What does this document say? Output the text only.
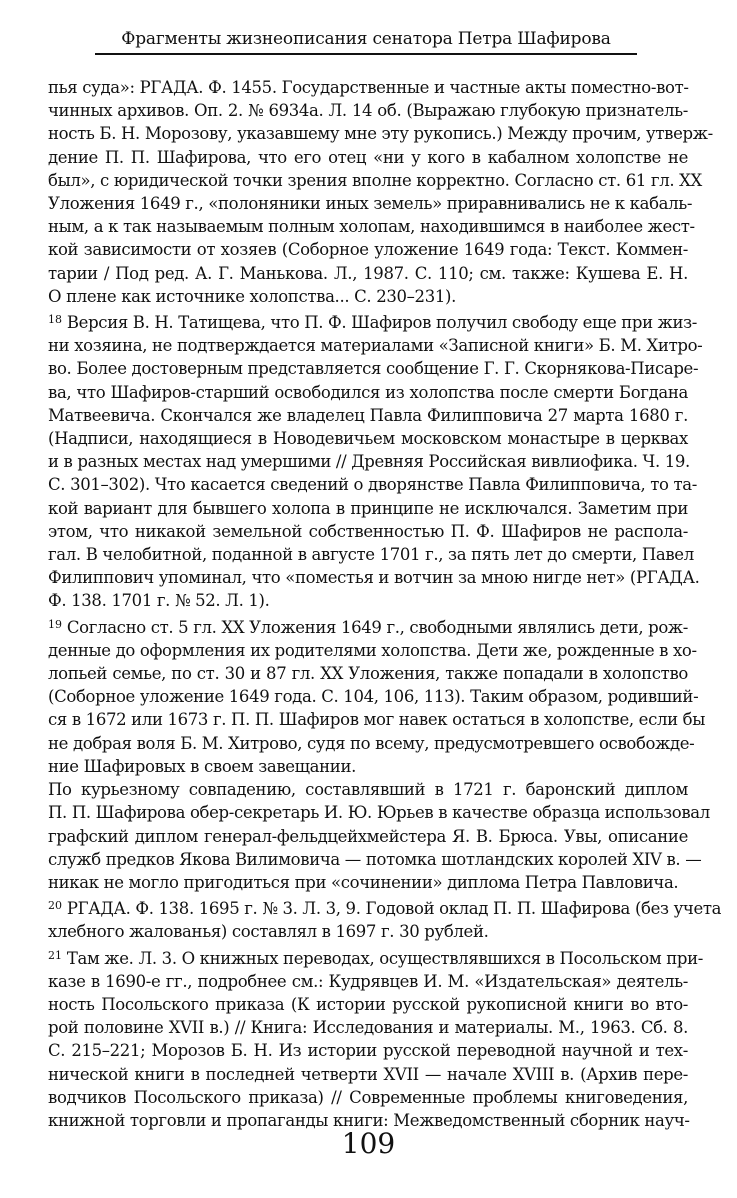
Фрагменты жизнеописания сенатора Петра Шафирова
пья суда»: РГАДА. Ф. 1455. Государственные и частные акты поместно-вот-
чинных архивов. Оп. 2. № 6934а. Л. 14 об. (Выражаю глубокую признатель-
ность Б. Н. Морозову, указавшему мне эту рукопись.) Между прочим, утверж-
дение П. П. Шафирова, что его отец «ни у кого в кабалном холопстве не
был», с юридической точки зрения вполне корректно. Согласно ст. 61 гл. XX
Уложения 1649 г., «полоняники иных земель» приравнивались не к кабаль-
ным, а к так называемым полным холопам, находившимся в наиболее жест-
кой зависимости от хозяев (Соборное уложение 1649 года: Текст. Коммен-
тарии / Под ред. А. Г. Манькова. Л., 1987. С. 110; см. также: Кушева Е. Н.
О плене как источнике холопства... С. 230–231).
$^{18}$ Версия В. Н. Татищева, что П. Ф. Шафиров получил свободу еще при жиз-
ни хозяина, не подтверждается материалами «Записной книги» Б. М. Хитро-
во. Более достоверным представляется сообщение Г. Г. Скорнякова-Писаре-
ва, что Шафиров-старший освободился из холопства после смерти Богдана
Матвеевича. Скончался же владелец Павла Филипповича 27 марта 1680 г.
(Надписи, находящиеся в Новодевичьем московском монастыре в церквах
и в разных местах над умершими // Древняя Российская вивлиофика. Ч. 19.
С. 301–302). Что касается сведений о дворянстве Павла Филипповича, то та-
кой вариант для бывшего холопа в принципе не исключался. Заметим при
этом, что никакой земельной собственностью П. Ф. Шафиров не распола-
гал. В челобитной, поданной в августе 1701 г., за пять лет до смерти, Павел
Филиппович упоминал, что «поместья и вотчин за мною нигде нет» (РГАДА.
Ф. 138. 1701 г. № 52. Л. 1).
$^{19}$ Согласно ст. 5 гл. XX Уложения 1649 г., свободными являлись дети, рож-
денные до оформления их родителями холопства. Дети же, рожденные в хо-
лопьей семье, по ст. 30 и 87 гл. XX Уложения, также попадали в холопство
(Соборное уложение 1649 года. С. 104, 106, 113). Таким образом, родивший-
ся в 1672 или 1673 г. П. П. Шафиров мог навек остаться в холопстве, если бы
не добрая воля Б. М. Хитрово, судя по всему, предусмотревшего освобожде-
ние Шафировых в своем завещании.
По курьезному совпадению, составлявший в 1721 г. баронский диплом
П. П. Шафирова обер-секретарь И. Ю. Юрьев в качестве образца использовал
графский диплом генерал-фельдцейхмейстера Я. В. Брюса. Увы, описание
служб предков Якова Вилимовича — потомка шотландских королей XIV в. —
никак не могло пригодиться при «сочинении» диплома Петра Павловича.
$^{20}$ РГАДА. Ф. 138. 1695 г. № 3. Л. 3, 9. Годовой оклад П. П. Шафирова (без учета
хлебного жалованья) составлял в 1697 г. 30 рублей.
$^{21}$ Там же. Л. 3. О книжных переводах, осуществлявшихся в Посольском при-
казе в 1690-е гг., подробнее см.: Кудрявцев И. М. «Издательская» деятель-
ность Посольского приказа (К истории русской рукописной книги во вто-
рой половине XVII в.) // Книга: Исследования и материалы. М., 1963. Сб. 8.
С. 215–221; Морозов Б. Н. Из истории русской переводной научной и тех-
нической книги в последней четверти XVII — начале XVIII в. (Архив пере-
водчиков Посольского приказа) // Современные проблемы книговедения,
книжной торговли и пропаганды книги: Межведомственный сборник науч-
109
